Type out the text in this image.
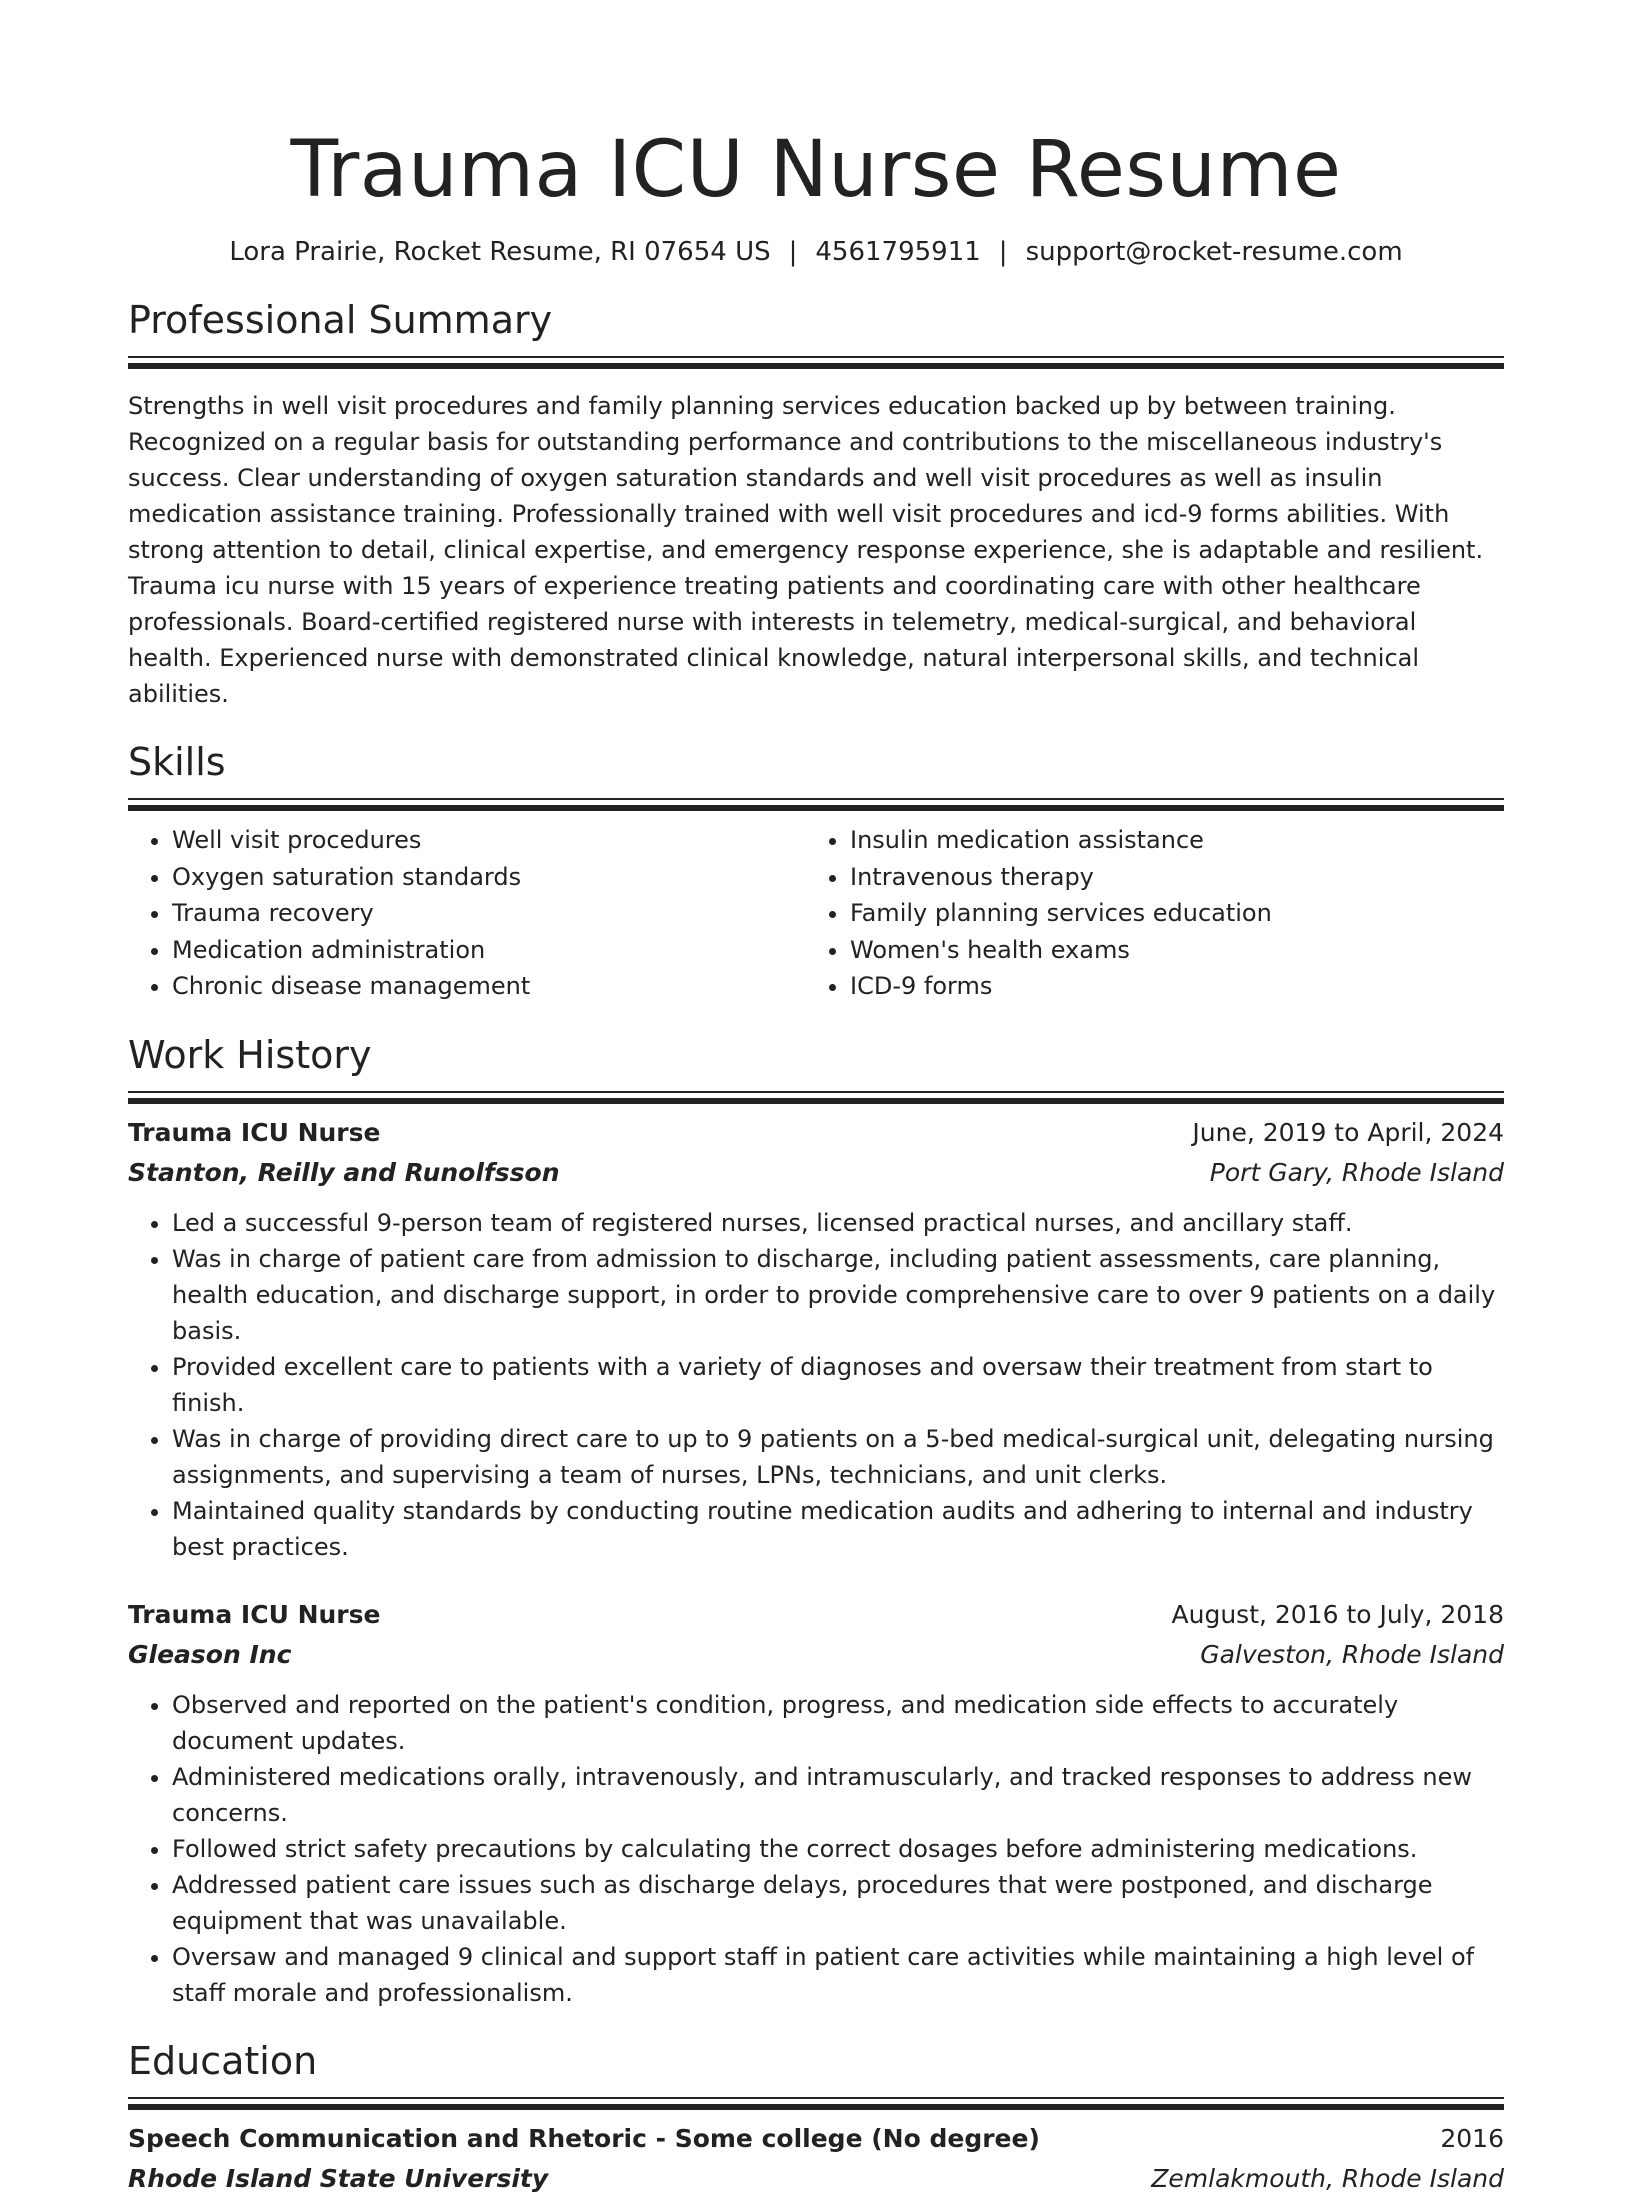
Trauma ICU Nurse Resume
Lora Prairie, Rocket Resume, RI 07654 US | 4561795911 | support@rocket-resume.com
Professional Summary

Strengths in well visit procedures and family planning services education backed up by between training. Recognized on a regular basis for outstanding performance and contributions to the miscellaneous industry's success. Clear understanding of oxygen saturation standards and well visit procedures as well as insulin medication assistance training. Professionally trained with well visit procedures and icd-9 forms abilities. With strong attention to detail, clinical expertise, and emergency response experience, she is adaptable and resilient. Trauma icu nurse with 15 years of experience treating patients and coordinating care with other healthcare professionals. Board-certified registered nurse with interests in telemetry, medical-surgical, and behavioral health. Experienced nurse with demonstrated clinical knowledge, natural interpersonal skills, and technical abilities.

Skills
• Well visit procedures
• Oxygen saturation standards
• Trauma recovery
• Medication administration
• Chronic disease management
• Insulin medication assistance
• Intravenous therapy
• Family planning services education
• Women's health exams
• ICD-9 forms
Work History
Trauma ICU Nurse	June, 2019 to April, 2024
Stanton, Reilly and Runolfsson	Port Gary, Rhode Island
• Led a successful 9-person team of registered nurses, licensed practical nurses, and ancillary staff.
• Was in charge of patient care from admission to discharge, including patient assessments, care planning, health education, and discharge support, in order to provide comprehensive care to over 9 patients on a daily basis.
• Provided excellent care to patients with a variety of diagnoses and oversaw their treatment from start to finish.
• Was in charge of providing direct care to up to 9 patients on a 5-bed medical-surgical unit, delegating nursing assignments, and supervising a team of nurses, LPNs, technicians, and unit clerks.
• Maintained quality standards by conducting routine medication audits and adhering to internal and industry best practices.
Trauma ICU Nurse	August, 2016 to July, 2018
Gleason Inc	Galveston, Rhode Island
• Observed and reported on the patient's condition, progress, and medication side effects to accurately document updates.
• Administered medications orally, intravenously, and intramuscularly, and tracked responses to address new concerns.
• Followed strict safety precautions by calculating the correct dosages before administering medications.
• Addressed patient care issues such as discharge delays, procedures that were postponed, and discharge equipment that was unavailable.
• Oversaw and managed 9 clinical and support staff in patient care activities while maintaining a high level of staff morale and professionalism.
Education
Speech Communication and Rhetoric - Some college (No degree)	2016
Rhode Island State University	Zemlakmouth, Rhode Island
